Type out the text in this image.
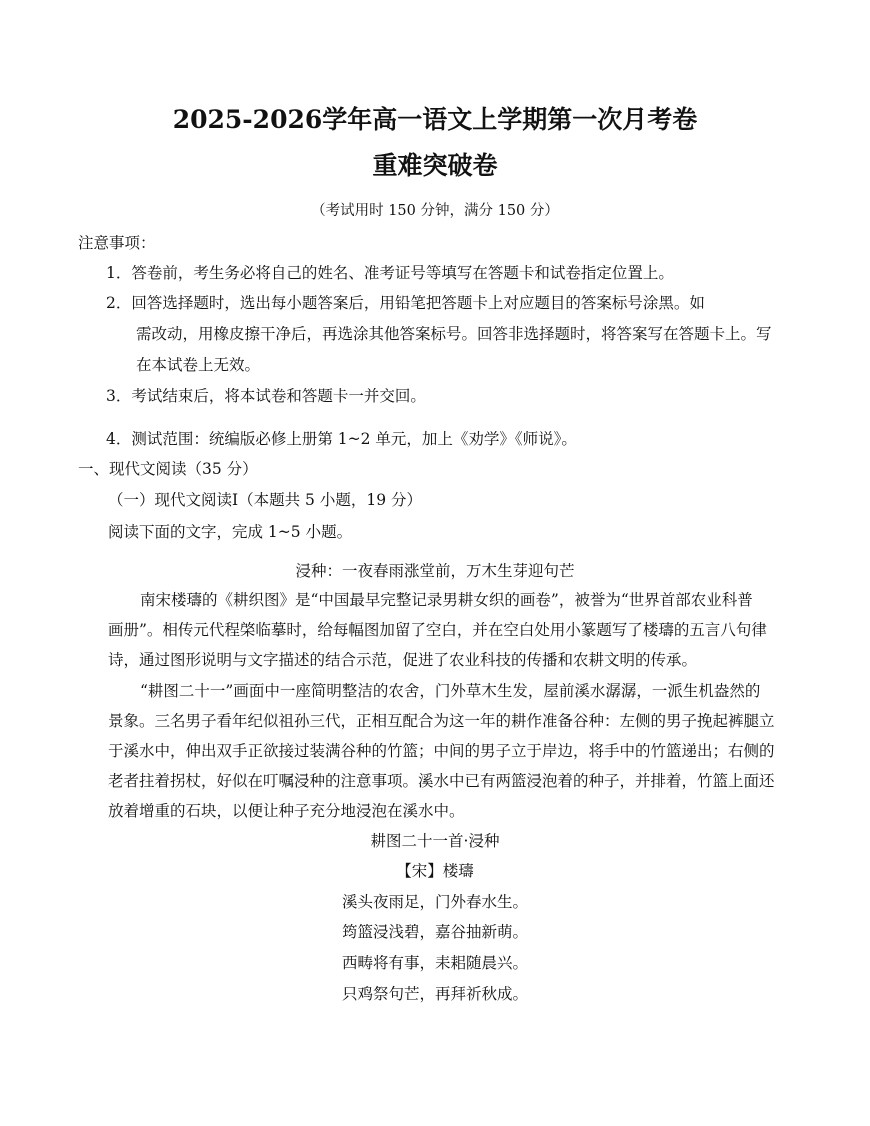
2025-2026学年高一语文上学期第一次月考卷
重难突破卷
（考试用时 150 分钟，满分 150 分）
注意事项：
1．答卷前，考生务必将自己的姓名、准考证号等填写在答题卡和试卷指定位置上。
2．回答选择题时，选出每小题答案后，用铅笔把答题卡上对应题目的答案标号涂黑。如
需改动，用橡皮擦干净后，再选涂其他答案标号。回答非选择题时，将答案写在答题卡上。写
在本试卷上无效。
3．考试结束后，将本试卷和答题卡一并交回。
4．测试范围：统编版必修上册第 1~2 单元，加上《劝学》《师说》。
一、现代文阅读（35 分）
（一）现代文阅读Ⅰ（本题共 5 小题，19 分）
阅读下面的文字，完成 1~5 小题。
浸种：一夜春雨涨堂前，万木生芽迎句芒
南宋楼璹的《耕织图》是“中国最早完整记录男耕女织的画卷”，被誉为“世界首部农业科普
画册”。相传元代程棨临摹时，给每幅图加留了空白，并在空白处用小篆题写了楼璹的五言八句律
诗，通过图形说明与文字描述的结合示范，促进了农业科技的传播和农耕文明的传承。
“耕图二十一”画面中一座简明整洁的农舍，门外草木生发，屋前溪水潺潺，一派生机盎然的
景象。三名男子看年纪似祖孙三代，正相互配合为这一年的耕作准备谷种：左侧的男子挽起裤腿立
于溪水中，伸出双手正欲接过装满谷种的竹篮；中间的男子立于岸边，将手中的竹篮递出；右侧的
老者拄着拐杖，好似在叮嘱浸种的注意事项。溪水中已有两篮浸泡着的种子，并排着，竹篮上面还
放着增重的石块，以便让种子充分地浸泡在溪水中。
耕图二十一首·浸种
【宋】楼璹
溪头夜雨足，门外春水生。
筠篮浸浅碧，嘉谷抽新萌。
西畴将有事，耒耜随晨兴。
只鸡祭句芒，再拜祈秋成。
